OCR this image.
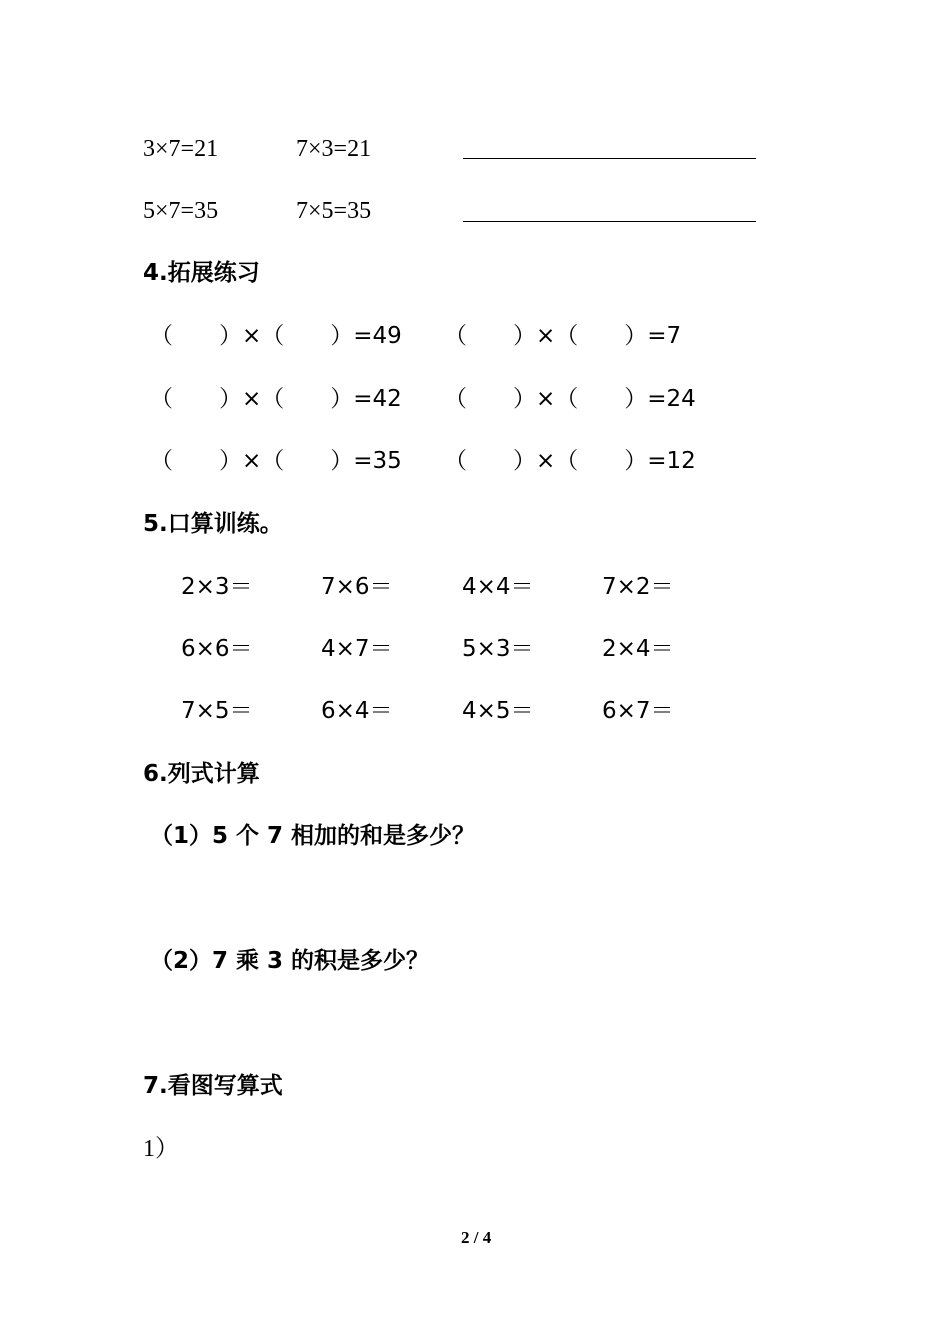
3×7=21	7×3=21
5×7=35	7×5=35
4.拓展练习
（　　）×（　　）=49 （　　）×（　　）=7
（　　）×（　　）=42 （　　）×（　　）=24
（　　）×（　　）=35 （　　）×（　　）=12
5.口算训练。
2×3＝	7×6＝	4×4＝	7×2＝
6×6＝	4×7＝	5×3＝	2×4＝
7×5＝	6×4＝	4×5＝	6×7＝
6.列式计算
（1）5 个 7 相加的和是多少？
（2）7 乘 3 的积是多少？
7.看图写算式
1）
2 / 4
